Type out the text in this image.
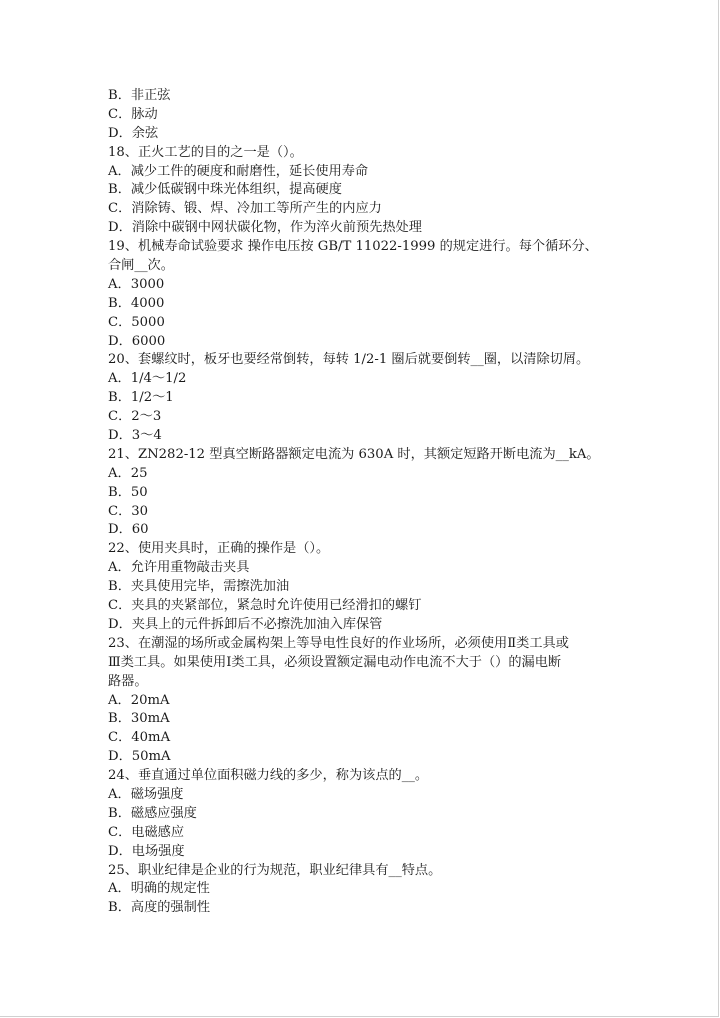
B．非正弦
C．脉动
D．余弦
18、正火工艺的目的之一是（）。
A．减少工件的硬度和耐磨性，延长使用寿命
B．减少低碳钢中珠光体组织，提高硬度
C．消除铸、锻、焊、冷加工等所产生的内应力
D．消除中碳钢中网状碳化物，作为淬火前预先热处理
19、机械寿命试验要求 操作电压按 GB/T 11022-1999 的规定进行。每个循环分、
合闸__次。
A．3000
B．4000
C．5000
D．6000
20、套螺纹时，板牙也要经常倒转，每转 1/2-1 圈后就要倒转__圈，以清除切屑。
A．1/4～1/2
B．1/2～1
C．2～3
D．3～4
21、ZN282-12 型真空断路器额定电流为 630A 时，其额定短路开断电流为__kA。
A．25
B．50
C．30
D．60
22、使用夹具时，正确的操作是（）。
A．允许用重物敲击夹具
B．夹具使用完毕，需擦洗加油
C．夹具的夹紧部位，紧急时允许使用已经滑扣的螺钉
D．夹具上的元件拆卸后不必擦洗加油入库保管
23、在潮湿的场所或金属构架上等导电性良好的作业场所，必须使用Ⅱ类工具或
Ⅲ类工具。如果使用Ⅰ类工具，必须设置额定漏电动作电流不大于（）的漏电断
路器。
A．20mA
B．30mA
C．40mA
D．50mA
24、垂直通过单位面积磁力线的多少，称为该点的__。
A．磁场强度
B．磁感应强度
C．电磁感应
D．电场强度
25、职业纪律是企业的行为规范，职业纪律具有__特点。
A．明确的规定性
B．高度的强制性
